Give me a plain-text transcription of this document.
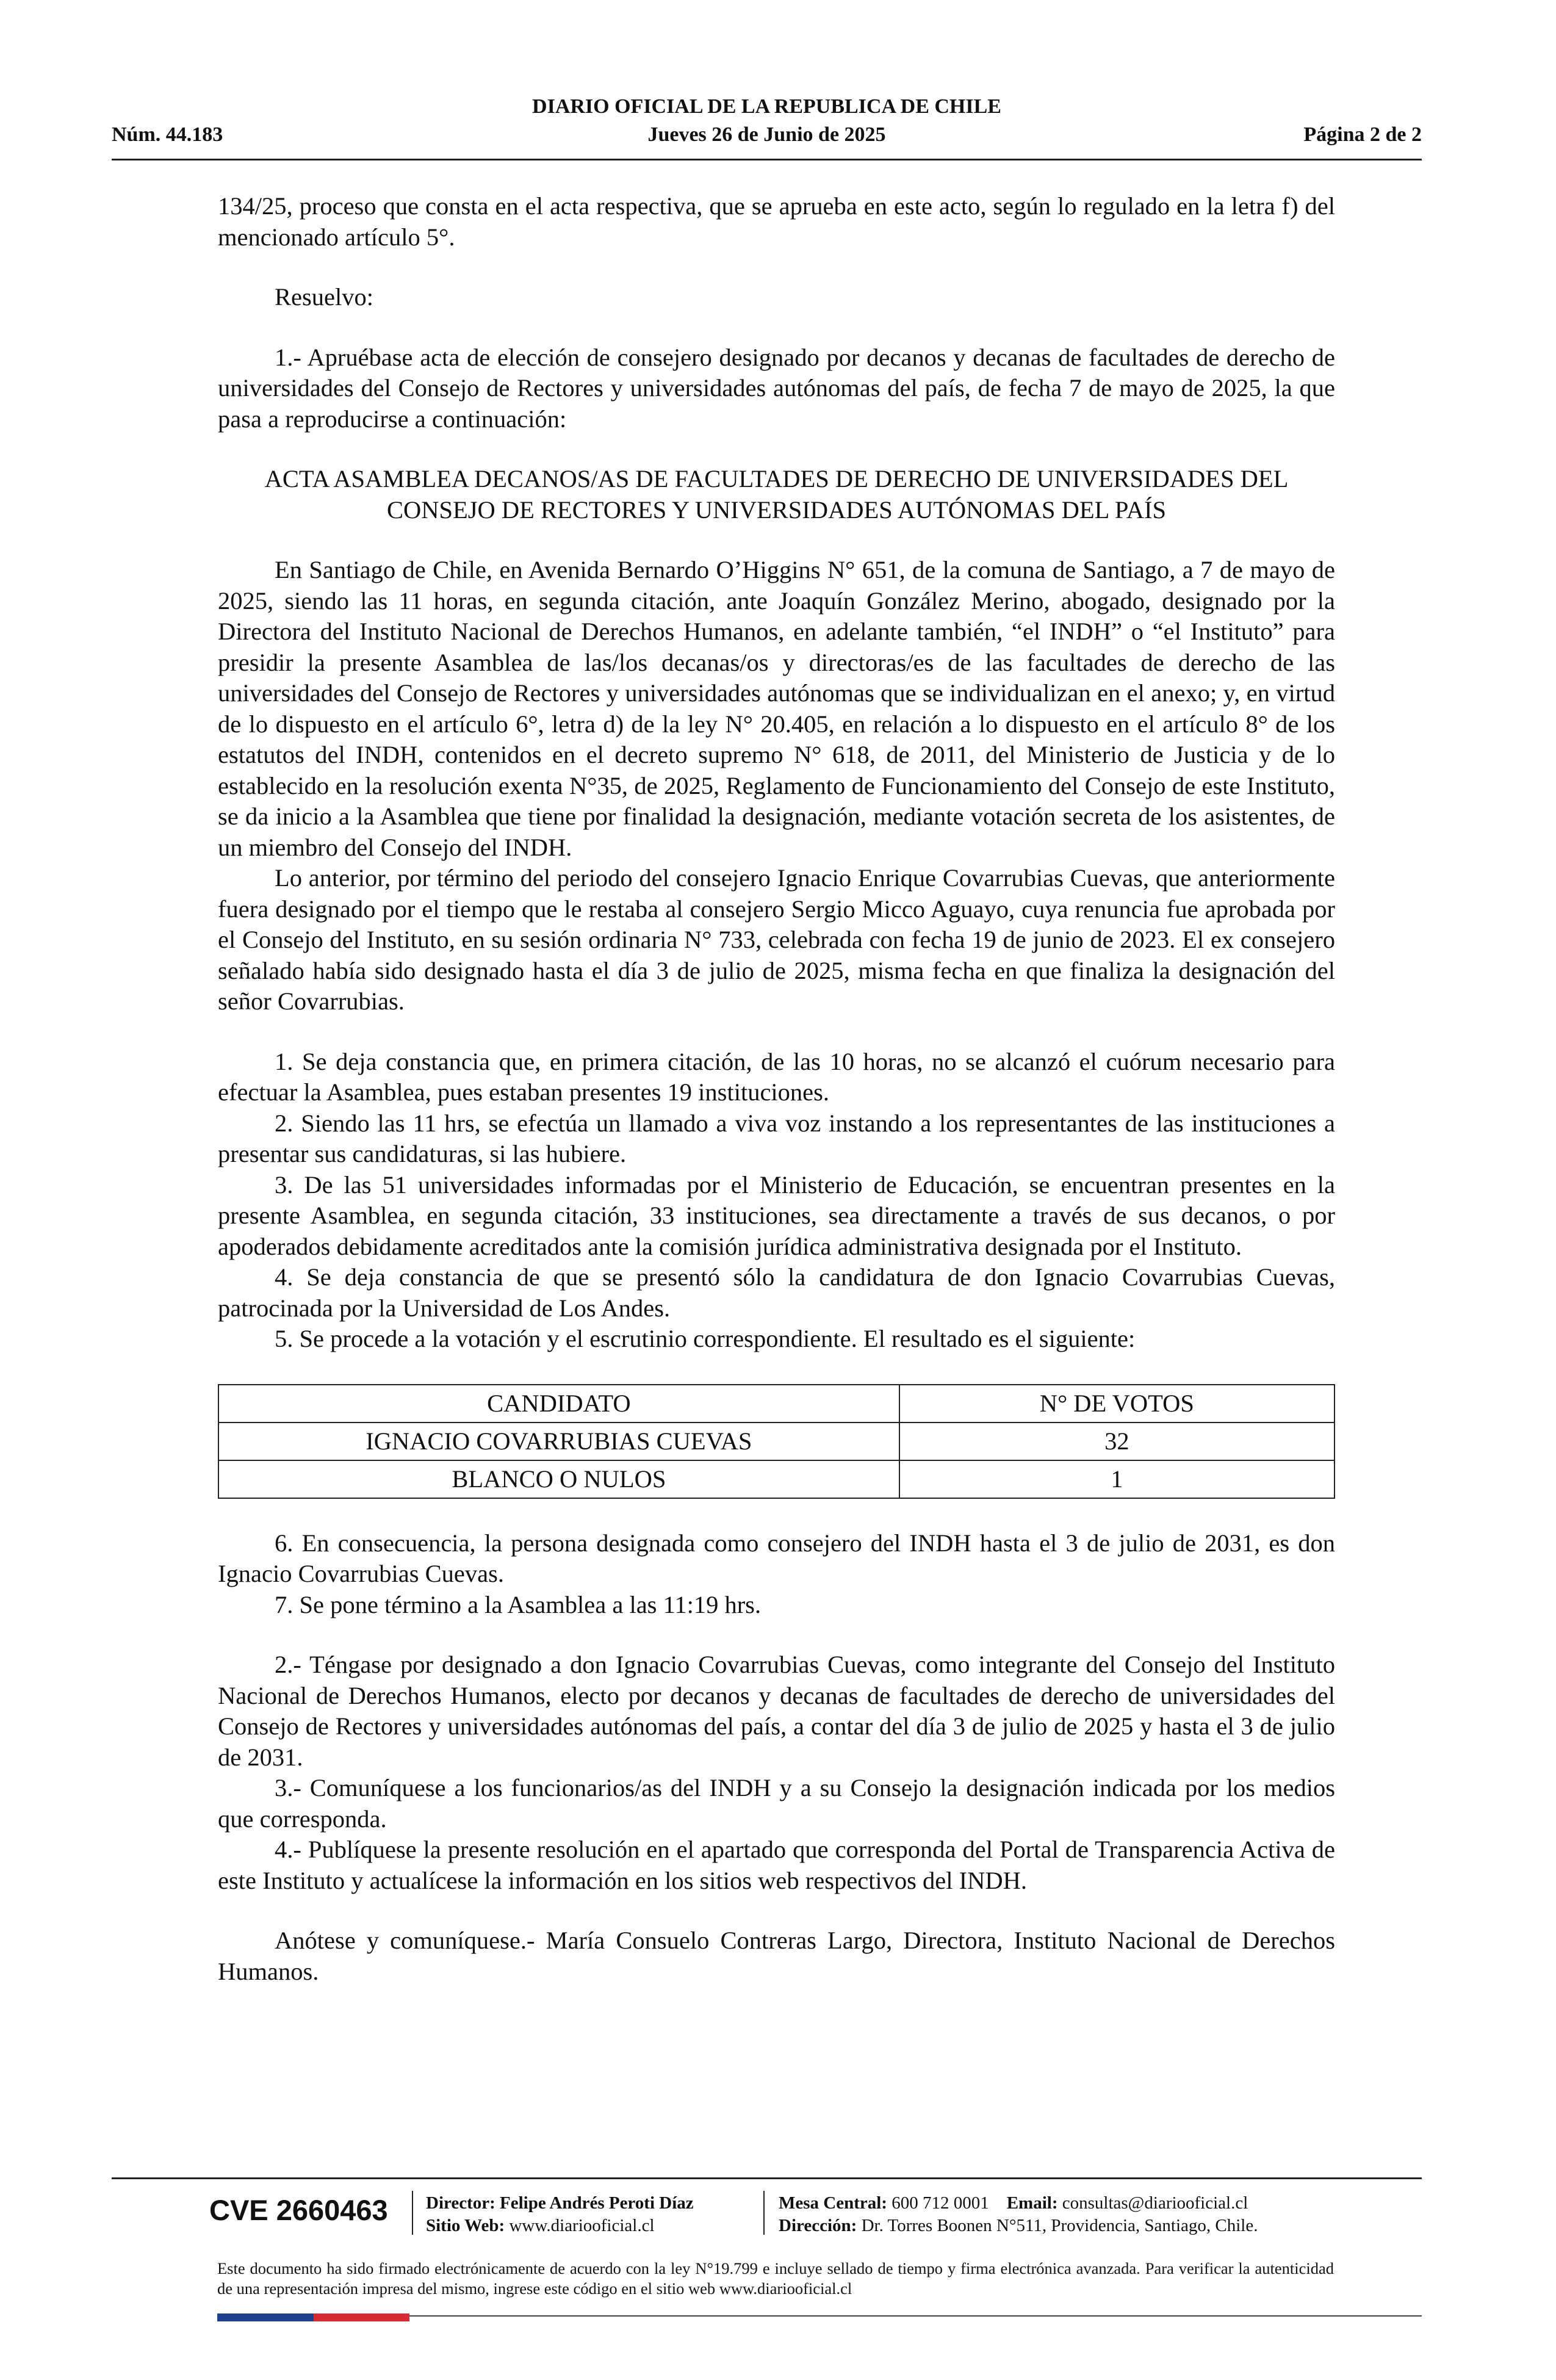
DIARIO OFICIAL DE LA REPUBLICA DE CHILE
Núm. 44.183	Jueves 26 de Junio de 2025	Página 2 de 2

134/25, proceso que consta en el acta respectiva, que se aprueba en este acto, según lo regulado en la letra f) del mencionado artículo 5°.

Resuelvo:

1.- Apruébase acta de elección de consejero designado por decanos y decanas de facultades de derecho de universidades del Consejo de Rectores y universidades autónomas del país, de fecha 7 de mayo de 2025, la que pasa a reproducirse a continuación:

ACTA ASAMBLEA DECANOS/AS DE FACULTADES DE DERECHO DE UNIVERSIDADES DEL CONSEJO DE RECTORES Y UNIVERSIDADES AUTÓNOMAS DEL PAÍS

En Santiago de Chile, en Avenida Bernardo O’Higgins N° 651, de la comuna de Santiago, a 7 de mayo de 2025, siendo las 11 horas, en segunda citación, ante Joaquín González Merino, abogado, designado por la Directora del Instituto Nacional de Derechos Humanos, en adelante también, “el INDH” o “el Instituto” para presidir la presente Asamblea de las/los decanas/os y directoras/es de las facultades de derecho de las universidades del Consejo de Rectores y universidades autónomas que se individualizan en el anexo; y, en virtud de lo dispuesto en el artículo 6°, letra d) de la ley N° 20.405, en relación a lo dispuesto en el artículo 8° de los estatutos del INDH, contenidos en el decreto supremo N° 618, de 2011, del Ministerio de Justicia y de lo establecido en la resolución exenta N°35, de 2025, Reglamento de Funcionamiento del Consejo de este Instituto, se da inicio a la Asamblea que tiene por finalidad la designación, mediante votación secreta de los asistentes, de un miembro del Consejo del INDH.

Lo anterior, por término del periodo del consejero Ignacio Enrique Covarrubias Cuevas, que anteriormente fuera designado por el tiempo que le restaba al consejero Sergio Micco Aguayo, cuya renuncia fue aprobada por el Consejo del Instituto, en su sesión ordinaria N° 733, celebrada con fecha 19 de junio de 2023. El ex consejero señalado había sido designado hasta el día 3 de julio de 2025, misma fecha en que finaliza la designación del señor Covarrubias.

1. Se deja constancia que, en primera citación, de las 10 horas, no se alcanzó el cuórum necesario para efectuar la Asamblea, pues estaban presentes 19 instituciones.

2. Siendo las 11 hrs, se efectúa un llamado a viva voz instando a los representantes de las instituciones a presentar sus candidaturas, si las hubiere.

3. De las 51 universidades informadas por el Ministerio de Educación, se encuentran presentes en la presente Asamblea, en segunda citación, 33 instituciones, sea directamente a través de sus decanos, o por apoderados debidamente acreditados ante la comisión jurídica administrativa designada por el Instituto.

4. Se deja constancia de que se presentó sólo la candidatura de don Ignacio Covarrubias Cuevas, patrocinada por la Universidad de Los Andes.

5. Se procede a la votación y el escrutinio correspondiente. El resultado es el siguiente:

CANDIDATO	N° DE VOTOS
IGNACIO COVARRUBIAS CUEVAS	32
BLANCO O NULOS	1

6. En consecuencia, la persona designada como consejero del INDH hasta el 3 de julio de 2031, es don Ignacio Covarrubias Cuevas.

7. Se pone término a la Asamblea a las 11:19 hrs.

2.- Téngase por designado a don Ignacio Covarrubias Cuevas, como integrante del Consejo del Instituto Nacional de Derechos Humanos, electo por decanos y decanas de facultades de derecho de universidades del Consejo de Rectores y universidades autónomas del país, a contar del día 3 de julio de 2025 y hasta el 3 de julio de 2031.

3.- Comuníquese a los funcionarios/as del INDH y a su Consejo la designación indicada por los medios que corresponda.

4.- Publíquese la presente resolución en el apartado que corresponda del Portal de Transparencia Activa de este Instituto y actualícese la información en los sitios web respectivos del INDH.

Anótese y comuníquese.- María Consuelo Contreras Largo, Directora, Instituto Nacional de Derechos Humanos.

CVE 2660463 Director: Felipe Andrés Peroti Díaz
Sitio Web: www.diariooficial.cl
Mesa Central: 600 712 0001 Email: consultas@diariooficial.cl
Dirección: Dr. Torres Boonen N°511, Providencia, Santiago, Chile.
Este documento ha sido firmado electrónicamente de acuerdo con la ley N°19.799 e incluye sellado de tiempo y firma electrónica avanzada. Para verificar la autenticidad de una representación impresa del mismo, ingrese este código en el sitio web www.diariooficial.cl
